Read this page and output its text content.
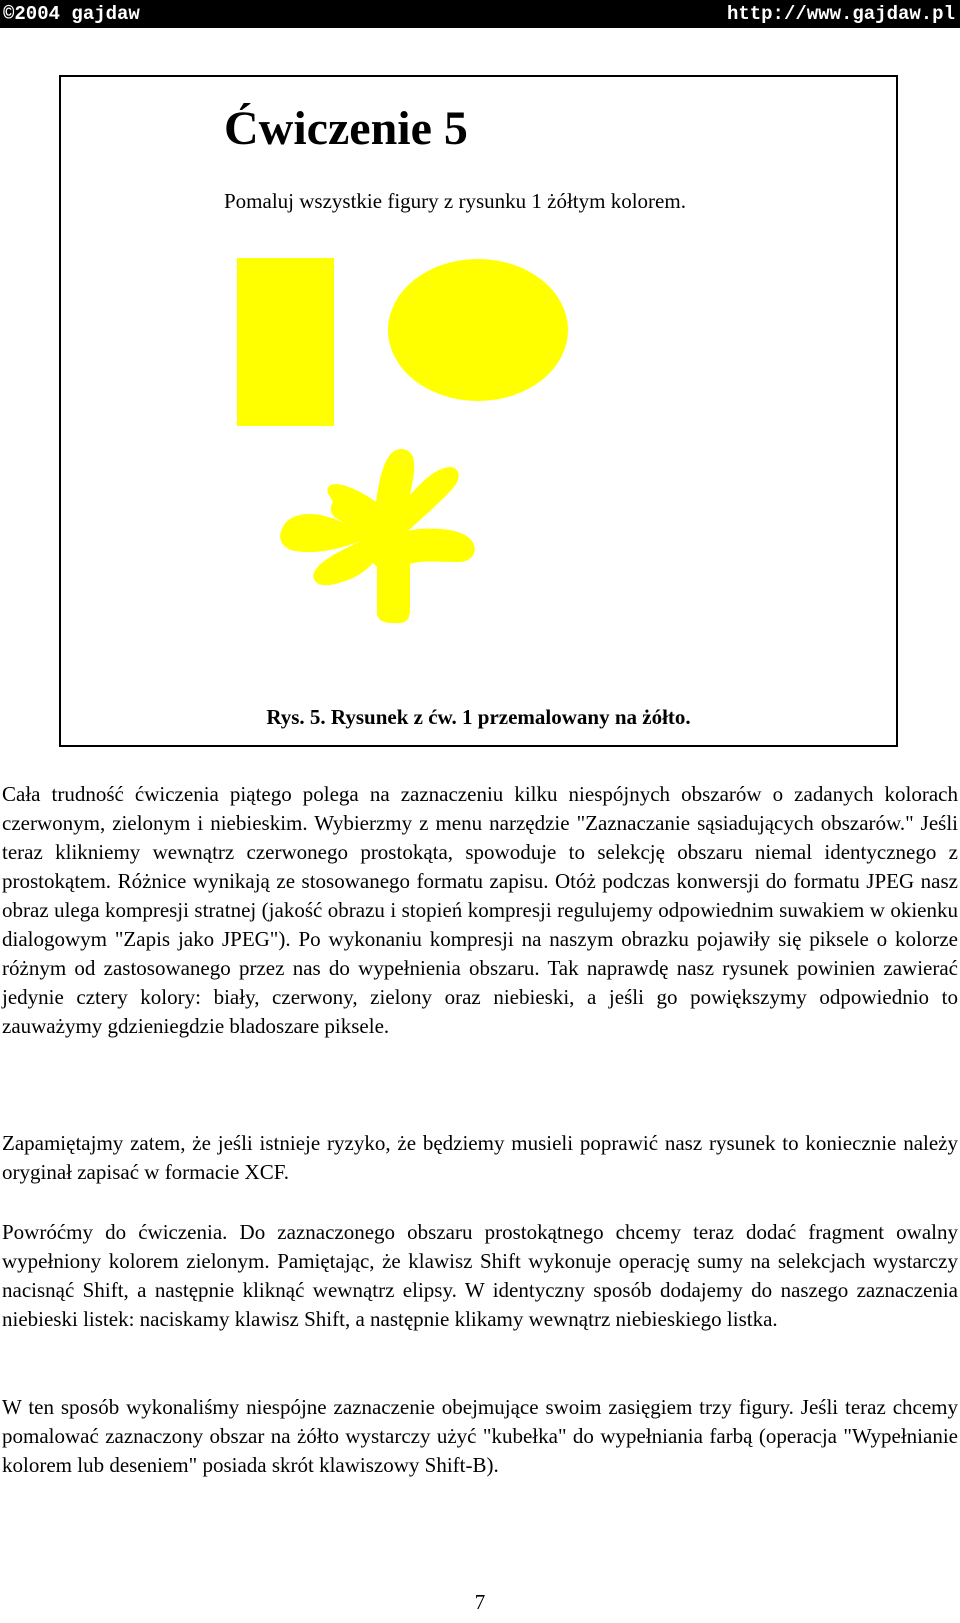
©2004 gajdaw	http://www.gajdaw.pl
Ćwiczenie 5
Pomaluj wszystkie figury z rysunku 1 żółtym kolorem.
Rys. 5. Rysunek z ćw. 1 przemalowany na żółto.

Cała trudność ćwiczenia piątego polega na zaznaczeniu kilku niespójnych obszarów o zadanych kolorach czerwonym, zielonym i niebieskim. Wybierzmy z menu narzędzie "Zaznaczanie sąsiadujących obszarów." Jeśli teraz klikniemy wewnątrz czerwonego prostokąta, spowoduje to selekcję obszaru niemal identycznego z prostokątem. Różnice wynikają ze stosowanego formatu zapisu. Otóż podczas konwersji do formatu JPEG nasz obraz ulega kompresji stratnej (jakość obrazu i stopień kompresji regulujemy odpowiednim suwakiem w okienku dialogowym "Zapis jako JPEG"). Po wykonaniu kompresji na naszym obrazku pojawiły się piksele o kolorze różnym od zastosowanego przez nas do wypełnienia obszaru. Tak naprawdę nasz rysunek powinien zawierać jedynie cztery kolory: biały, czerwony, zielony oraz niebieski, a jeśli go powiększymy odpowiednio to zauważymy gdzieniegdzie bladoszare piksele.

Zapamiętajmy zatem, że jeśli istnieje ryzyko, że będziemy musieli poprawić nasz rysunek to koniecznie należy oryginał zapisać w formacie XCF.

Powróćmy do ćwiczenia. Do zaznaczonego obszaru prostokątnego chcemy teraz dodać fragment owalny wypełniony kolorem zielonym. Pamiętając, że klawisz Shift wykonuje operację sumy na selekcjach wystarczy nacisnąć Shift, a następnie kliknąć wewnątrz elipsy. W identyczny sposób dodajemy do naszego zaznaczenia niebieski listek: naciskamy klawisz Shift, a następnie klikamy wewnątrz niebieskiego listka.

W ten sposób wykonaliśmy niespójne zaznaczenie obejmujące swoim zasięgiem trzy figury. Jeśli teraz chcemy pomalować zaznaczony obszar na żółto wystarczy użyć "kubełka" do wypełniania farbą (operacja "Wypełnianie kolorem lub deseniem" posiada skrót klawiszowy Shift-B).

7
